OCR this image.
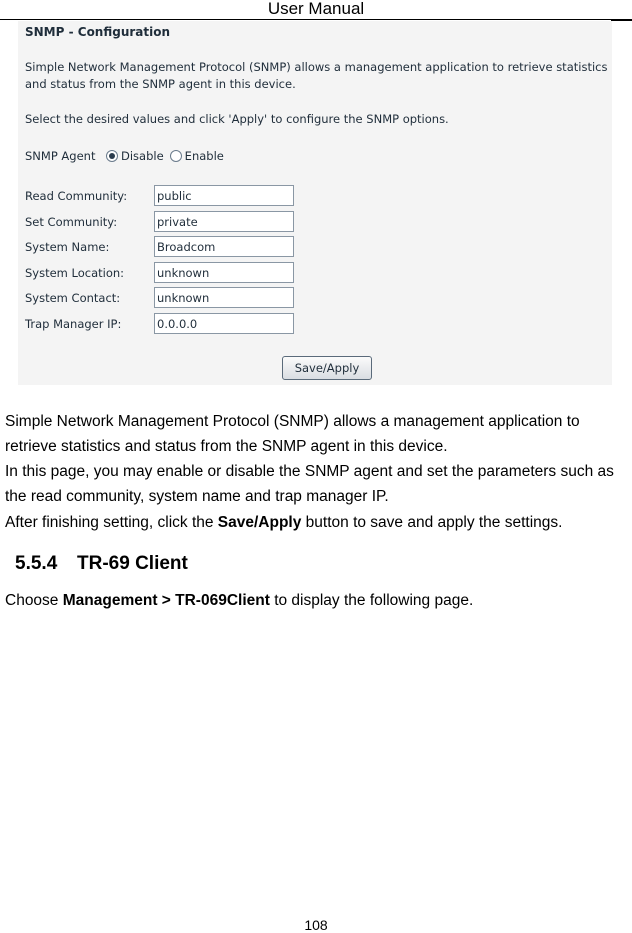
User Manual
SNMP - Configuration
Simple Network Management Protocol (SNMP) allows a management application to retrieve statistics and status from the SNMP agent in this device.
Select the desired values and click 'Apply' to configure the SNMP options.
SNMP Agent Disable Enable
Read Community:
public
Set Community:
private
System Name:
Broadcom
System Location:
unknown
System Contact:
unknown
Trap Manager IP:
0.0.0.0
Save/Apply
Simple Network Management Protocol (SNMP) allows a management application to retrieve statistics and status from the SNMP agent in this device.
In this page, you may enable or disable the SNMP agent and set the parameters such as the read community, system name and trap manager IP.
After finishing setting, click the Save/Apply button to save and apply the settings.
5.5.4 TR-69 Client
Choose Management > TR-069Client to display the following page.
108
